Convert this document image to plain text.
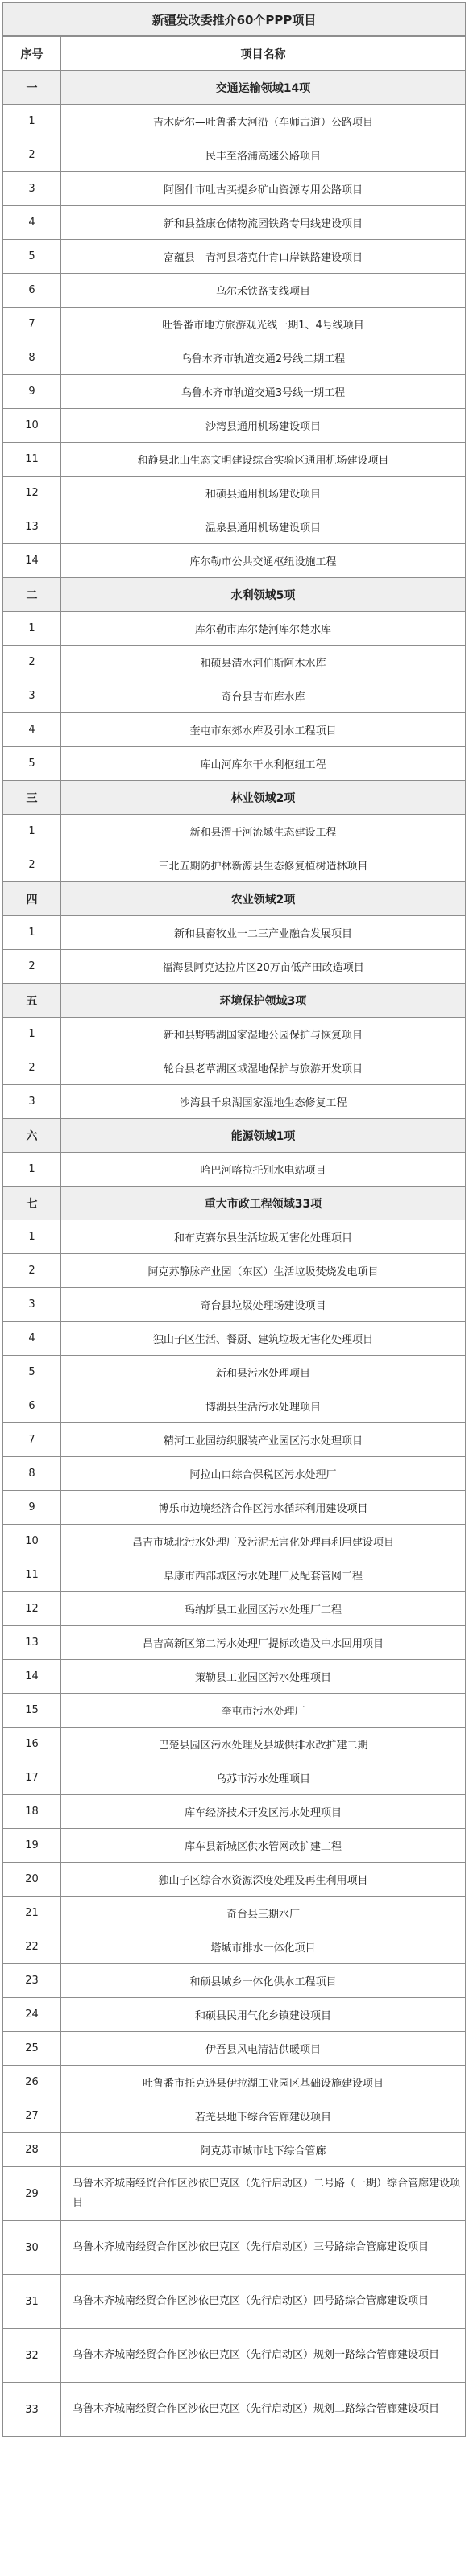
新疆发改委推介60个PPP项目
序号	项目名称
一	交通运输领域14项
1	吉木萨尔—吐鲁番大河沿（车师古道）公路项目
2	民丰至洛浦高速公路项目
3	阿图什市吐古买提乡矿山资源专用公路项目
4	新和县益康仓储物流园铁路专用线建设项目
5	富蕴县—青河县塔克什肯口岸铁路建设项目
6	乌尔禾铁路支线项目
7	吐鲁番市地方旅游观光线一期1、4号线项目
8	乌鲁木齐市轨道交通2号线二期工程
9	乌鲁木齐市轨道交通3号线一期工程
10	沙湾县通用机场建设项目
11	和静县北山生态文明建设综合实验区通用机场建设项目
12	和硕县通用机场建设项目
13	温泉县通用机场建设项目
14	库尔勒市公共交通枢纽设施工程
二	水利领域5项
1	库尔勒市库尔楚河库尔楚水库
2	和硕县清水河伯斯阿木水库
3	奇台县吉布库水库
4	奎屯市东郊水库及引水工程项目
5	库山河库尔干水利枢纽工程
三	林业领域2项
1	新和县渭干河流域生态建设工程
2	三北五期防护林新源县生态修复植树造林项目
四	农业领域2项
1	新和县畜牧业一二三产业融合发展项目
2	福海县阿克达拉片区20万亩低产田改造项目
五	环境保护领域3项
1	新和县野鸭湖国家湿地公园保护与恢复项目
2	轮台县老草湖区域湿地保护与旅游开发项目
3	沙湾县千泉湖国家湿地生态修复工程
六	能源领域1项
1	哈巴河喀拉托别水电站项目
七	重大市政工程领域33项
1	和布克赛尔县生活垃圾无害化处理项目
2	阿克苏静脉产业园（东区）生活垃圾焚烧发电项目
3	奇台县垃圾处理场建设项目
4	独山子区生活、餐厨、建筑垃圾无害化处理项目
5	新和县污水处理项目
6	博湖县生活污水处理项目
7	精河工业园纺织服装产业园区污水处理项目
8	阿拉山口综合保税区污水处理厂
9	博乐市边境经济合作区污水循环利用建设项目
10	昌吉市城北污水处理厂及污泥无害化处理再利用建设项目
11	阜康市西部城区污水处理厂及配套管网工程
12	玛纳斯县工业园区污水处理厂工程
13	昌吉高新区第二污水处理厂提标改造及中水回用项目
14	策勒县工业园区污水处理项目
15	奎屯市污水处理厂
16	巴楚县园区污水处理及县城供排水改扩建二期
17	乌苏市污水处理项目
18	库车经济技术开发区污水处理项目
19	库车县新城区供水管网改扩建工程
20	独山子区综合水资源深度处理及再生利用项目
21	奇台县三期水厂
22	塔城市排水一体化项目
23	和硕县城乡一体化供水工程项目
24	和硕县民用气化乡镇建设项目
25	伊吾县风电清洁供暖项目
26	吐鲁番市托克逊县伊拉湖工业园区基础设施建设项目
27	若羌县地下综合管廊建设项目
28	阿克苏市城市地下综合管廊
29	乌鲁木齐城南经贸合作区沙依巴克区（先行启动区）二号路（一期）综合管廊建设项目
30	乌鲁木齐城南经贸合作区沙依巴克区（先行启动区）三号路综合管廊建设项目
31	乌鲁木齐城南经贸合作区沙依巴克区（先行启动区）四号路综合管廊建设项目
32	乌鲁木齐城南经贸合作区沙依巴克区（先行启动区）规划一路综合管廊建设项目
33	乌鲁木齐城南经贸合作区沙依巴克区（先行启动区）规划二路综合管廊建设项目
